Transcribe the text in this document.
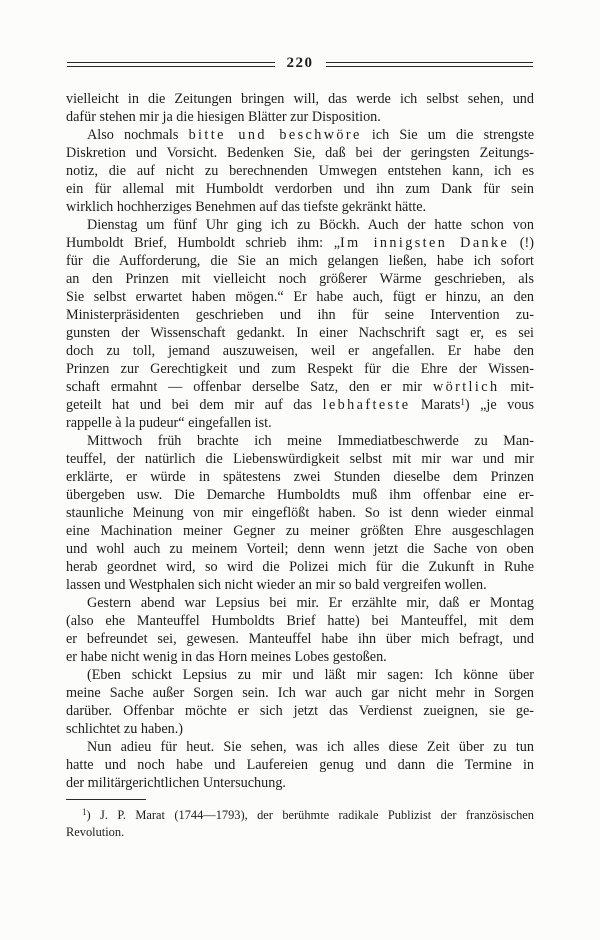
220
vielleicht in die Zeitungen bringen will, das werde ich selbst sehen, und
dafür stehen mir ja die hiesigen Blätter zur Disposition.
Also nochmals bitte und beschwöre ich Sie um die strengste
Diskretion und Vorsicht. Bedenken Sie, daß bei der geringsten Zeitungs-
notiz, die auf nicht zu berechnenden Umwegen entstehen kann, ich es
ein für allemal mit Humboldt verdorben und ihn zum Dank für sein
wirklich hochherziges Benehmen auf das tiefste gekränkt hätte.
Dienstag um fünf Uhr ging ich zu Böckh. Auch der hatte schon von
Humboldt Brief, Humboldt schrieb ihm: „Im innigsten Danke (!)
für die Aufforderung, die Sie an mich gelangen ließen, habe ich sofort
an den Prinzen mit vielleicht noch größerer Wärme geschrieben, als
Sie selbst erwartet haben mögen.“ Er habe auch, fügt er hinzu, an den
Ministerpräsidenten geschrieben und ihn für seine Intervention zu-
gunsten der Wissenschaft gedankt. In einer Nachschrift sagt er, es sei
doch zu toll, jemand auszuweisen, weil er angefallen. Er habe den
Prinzen zur Gerechtigkeit und zum Respekt für die Ehre der Wissen-
schaft ermahnt — offenbar derselbe Satz, den er mir wörtlich mit-
geteilt hat und bei dem mir auf das lebhafteste Marats$^1$) „je vous
rappelle à la pudeur“ eingefallen ist.
Mittwoch früh brachte ich meine Immediatbeschwerde zu Man-
teuffel, der natürlich die Liebenswürdigkeit selbst mit mir war und mir
erklärte, er würde in spätestens zwei Stunden dieselbe dem Prinzen
übergeben usw. Die Demarche Humboldts muß ihm offenbar eine er-
staunliche Meinung von mir eingeflößt haben. So ist denn wieder einmal
eine Machination meiner Gegner zu meiner größten Ehre ausgeschlagen
und wohl auch zu meinem Vorteil; denn wenn jetzt die Sache von oben
herab geordnet wird, so wird die Polizei mich für die Zukunft in Ruhe
lassen und Westphalen sich nicht wieder an mir so bald vergreifen wollen.
Gestern abend war Lepsius bei mir. Er erzählte mir, daß er Montag
(also ehe Manteuffel Humboldts Brief hatte) bei Manteuffel, mit dem
er befreundet sei, gewesen. Manteuffel habe ihn über mich befragt, und
er habe nicht wenig in das Horn meines Lobes gestoßen.
(Eben schickt Lepsius zu mir und läßt mir sagen: Ich könne über
meine Sache außer Sorgen sein. Ich war auch gar nicht mehr in Sorgen
darüber. Offenbar möchte er sich jetzt das Verdienst zueignen, sie ge-
schlichtet zu haben.)
Nun adieu für heut. Sie sehen, was ich alles diese Zeit über zu tun
hatte und noch habe und Laufereien genug und dann die Termine in
der militärgerichtlichen Untersuchung.
$^1$) J. P. Marat (1744—1793), der berühmte radikale Publizist der französischen
Revolution.
